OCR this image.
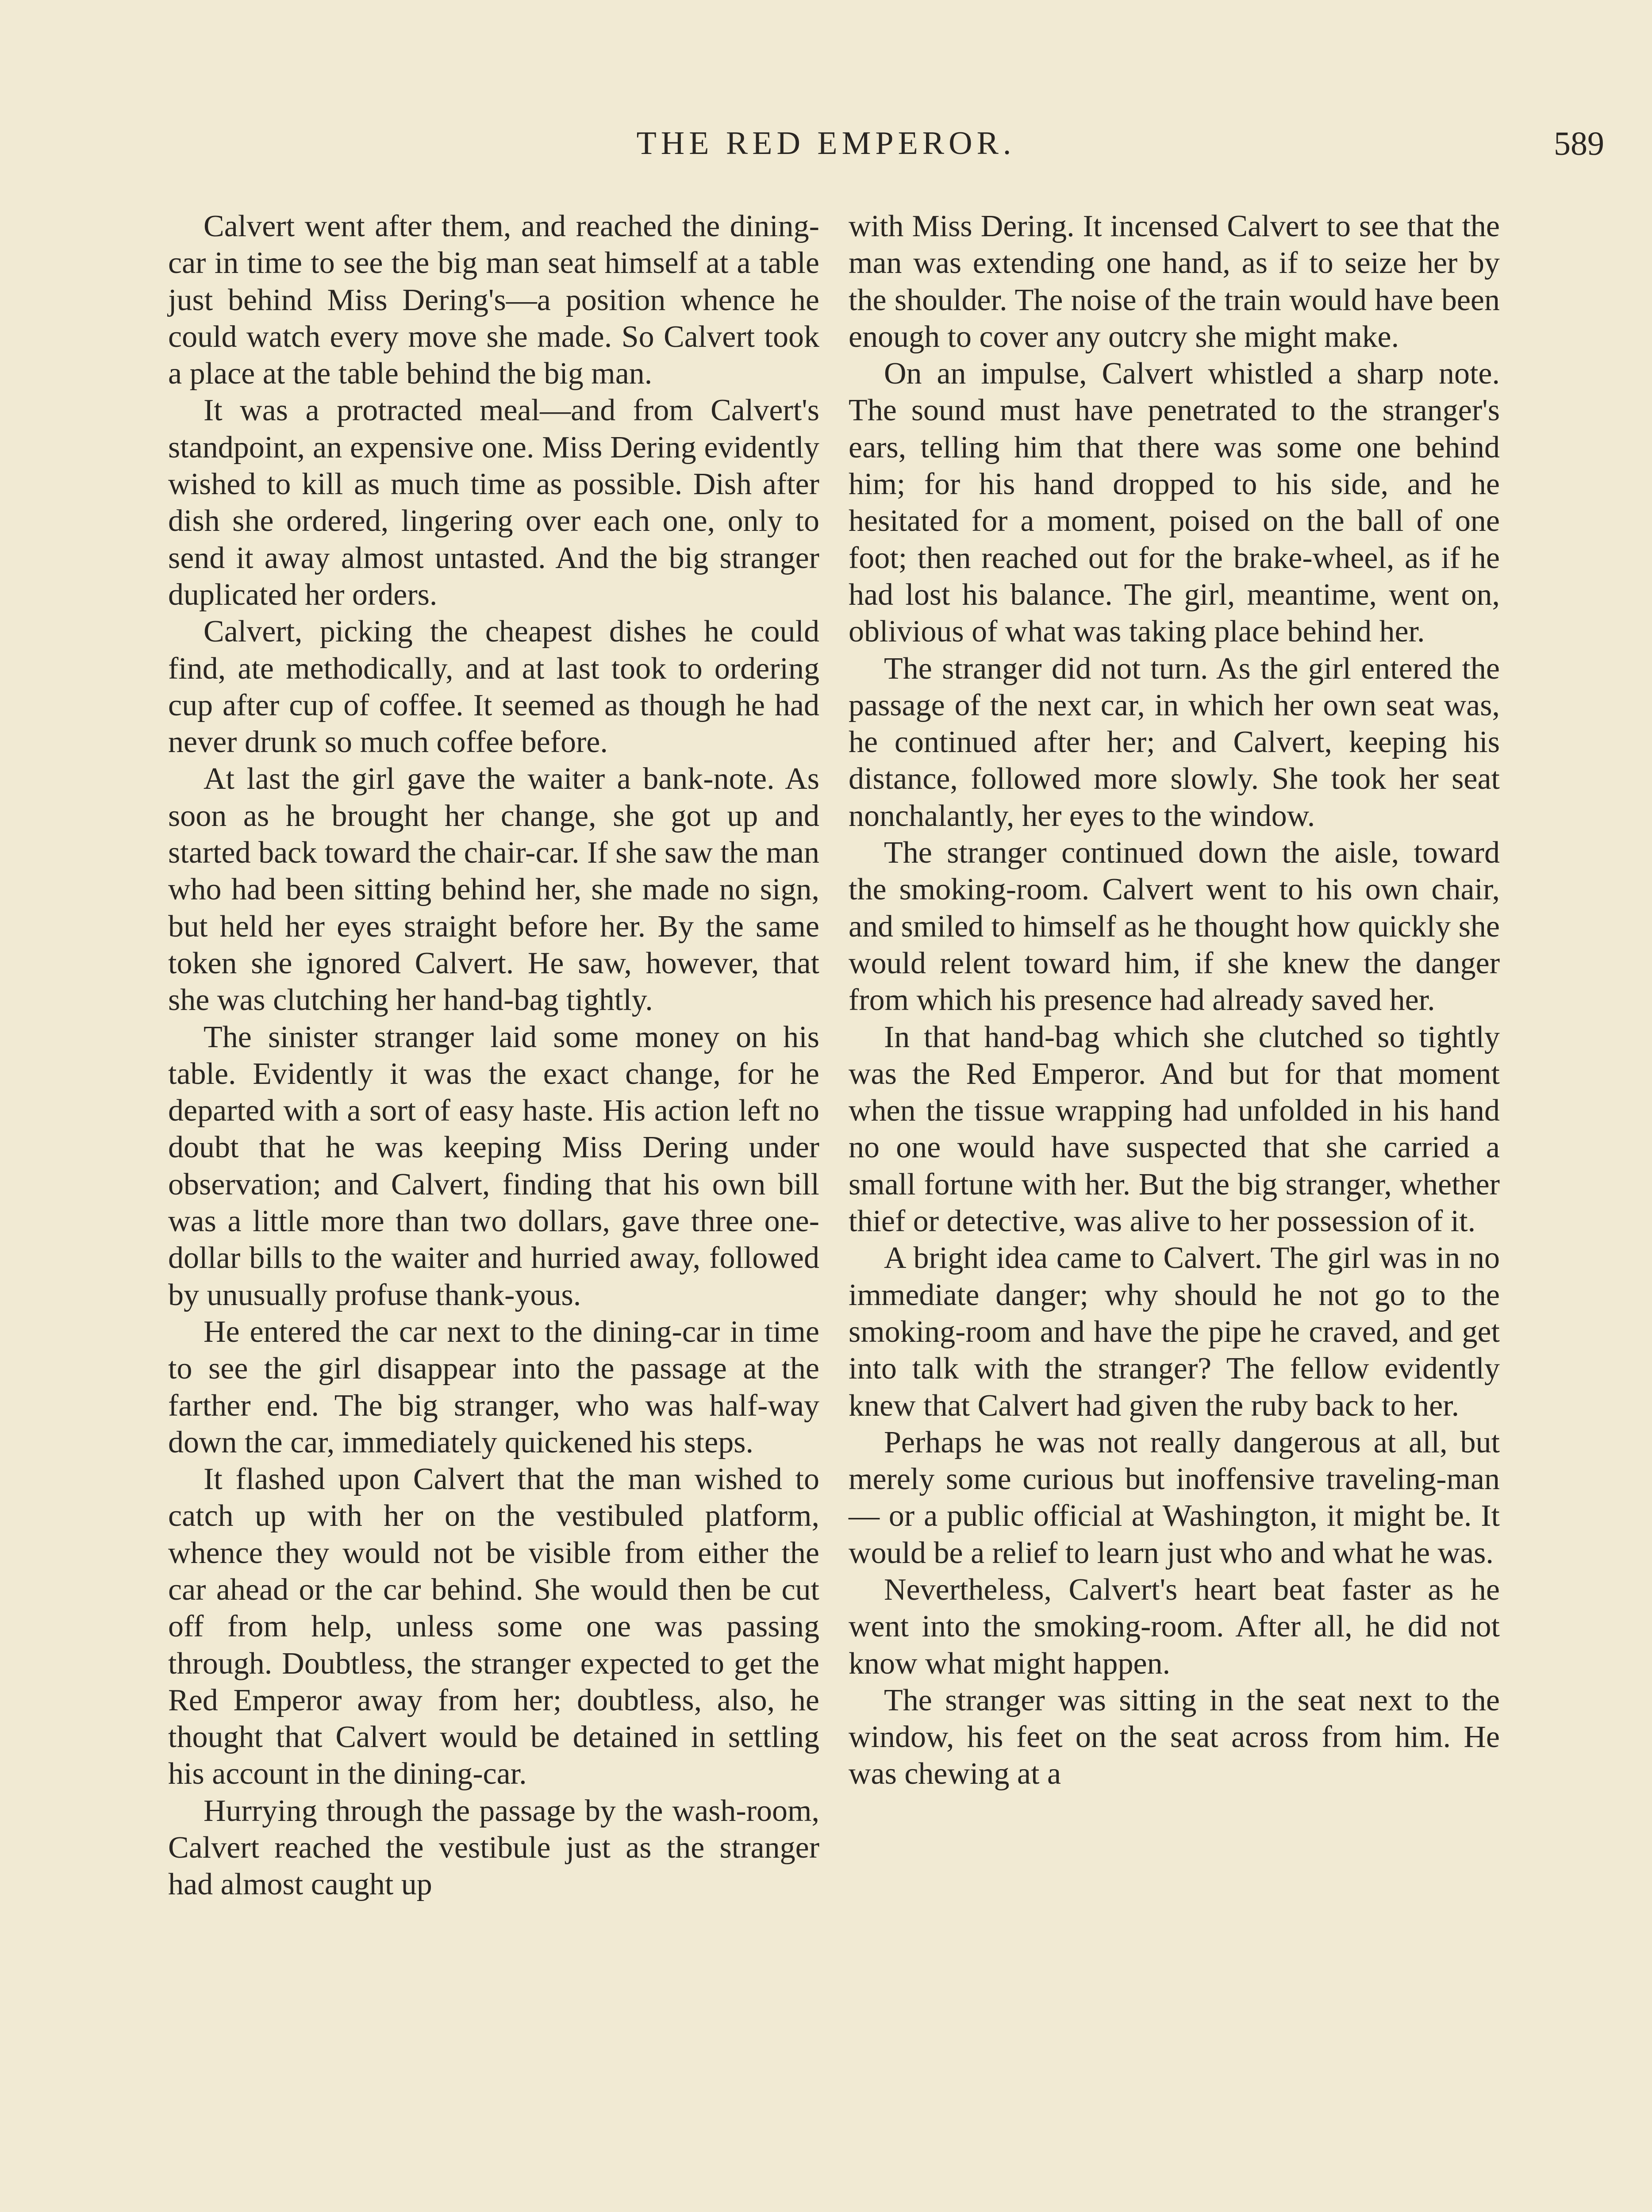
THE RED EMPEROR.	589

Calvert went after them, and reached the dining-car in time to see the big man seat himself at a table just behind Miss Dering's—a position whence he could watch every move she made. So Calvert took a place at the table behind the big man.

It was a protracted meal—and from Calvert's standpoint, an expensive one. Miss Dering evidently wished to kill as much time as possible. Dish after dish she ordered, lingering over each one, only to send it away almost untasted. And the big stranger duplicated her orders.

Calvert, picking the cheapest dishes he could find, ate methodically, and at last took to ordering cup after cup of coffee. It seemed as though he had never drunk so much coffee before.

At last the girl gave the waiter a bank-note. As soon as he brought her change, she got up and started back toward the chair-car. If she saw the man who had been sitting behind her, she made no sign, but held her eyes straight before her. By the same token she ignored Calvert. He saw, however, that she was clutching her hand-bag tightly.

The sinister stranger laid some money on his table. Evidently it was the exact change, for he departed with a sort of easy haste. His action left no doubt that he was keeping Miss Dering under observation; and Calvert, finding that his own bill was a little more than two dollars, gave three one-dollar bills to the waiter and hurried away, followed by unusually profuse thank-yous.

He entered the car next to the dining-car in time to see the girl disappear into the passage at the farther end. The big stranger, who was half-way down the car, immediately quickened his steps.

It flashed upon Calvert that the man wished to catch up with her on the vestibuled platform, whence they would not be visible from either the car ahead or the car behind. She would then be cut off from help, unless some one was passing through. Doubtless, the stranger expected to get the Red Emperor away from her; doubtless, also, he thought that Calvert would be detained in settling his account in the dining-car.

Hurrying through the passage by the wash-room, Calvert reached the vestibule just as the stranger had almost caught up

with Miss Dering. It incensed Calvert to see that the man was extending one hand, as if to seize her by the shoulder. The noise of the train would have been enough to cover any outcry she might make.

On an impulse, Calvert whistled a sharp note. The sound must have penetrated to the stranger's ears, telling him that there was some one behind him; for his hand dropped to his side, and he hesitated for a moment, poised on the ball of one foot; then reached out for the brake-wheel, as if he had lost his balance. The girl, meantime, went on, oblivious of what was taking place behind her.

The stranger did not turn. As the girl entered the passage of the next car, in which her own seat was, he continued after her; and Calvert, keeping his distance, followed more slowly. She took her seat nonchalantly, her eyes to the window.

The stranger continued down the aisle, toward the smoking-room. Calvert went to his own chair, and smiled to himself as he thought how quickly she would relent toward him, if she knew the danger from which his presence had already saved her.

In that hand-bag which she clutched so tightly was the Red Emperor. And but for that moment when the tissue wrapping had unfolded in his hand no one would have suspected that she carried a small fortune with her. But the big stranger, whether thief or detective, was alive to her possession of it.

A bright idea came to Calvert. The girl was in no immediate danger; why should he not go to the smoking-room and have the pipe he craved, and get into talk with the stranger? The fellow evidently knew that Calvert had given the ruby back to her.

Perhaps he was not really dangerous at all, but merely some curious but inoffensive traveling-man — or a public official at Washington, it might be. It would be a relief to learn just who and what he was.

Nevertheless, Calvert's heart beat faster as he went into the smoking-room. After all, he did not know what might happen.

The stranger was sitting in the seat next to the window, his feet on the seat across from him. He was chewing at a
